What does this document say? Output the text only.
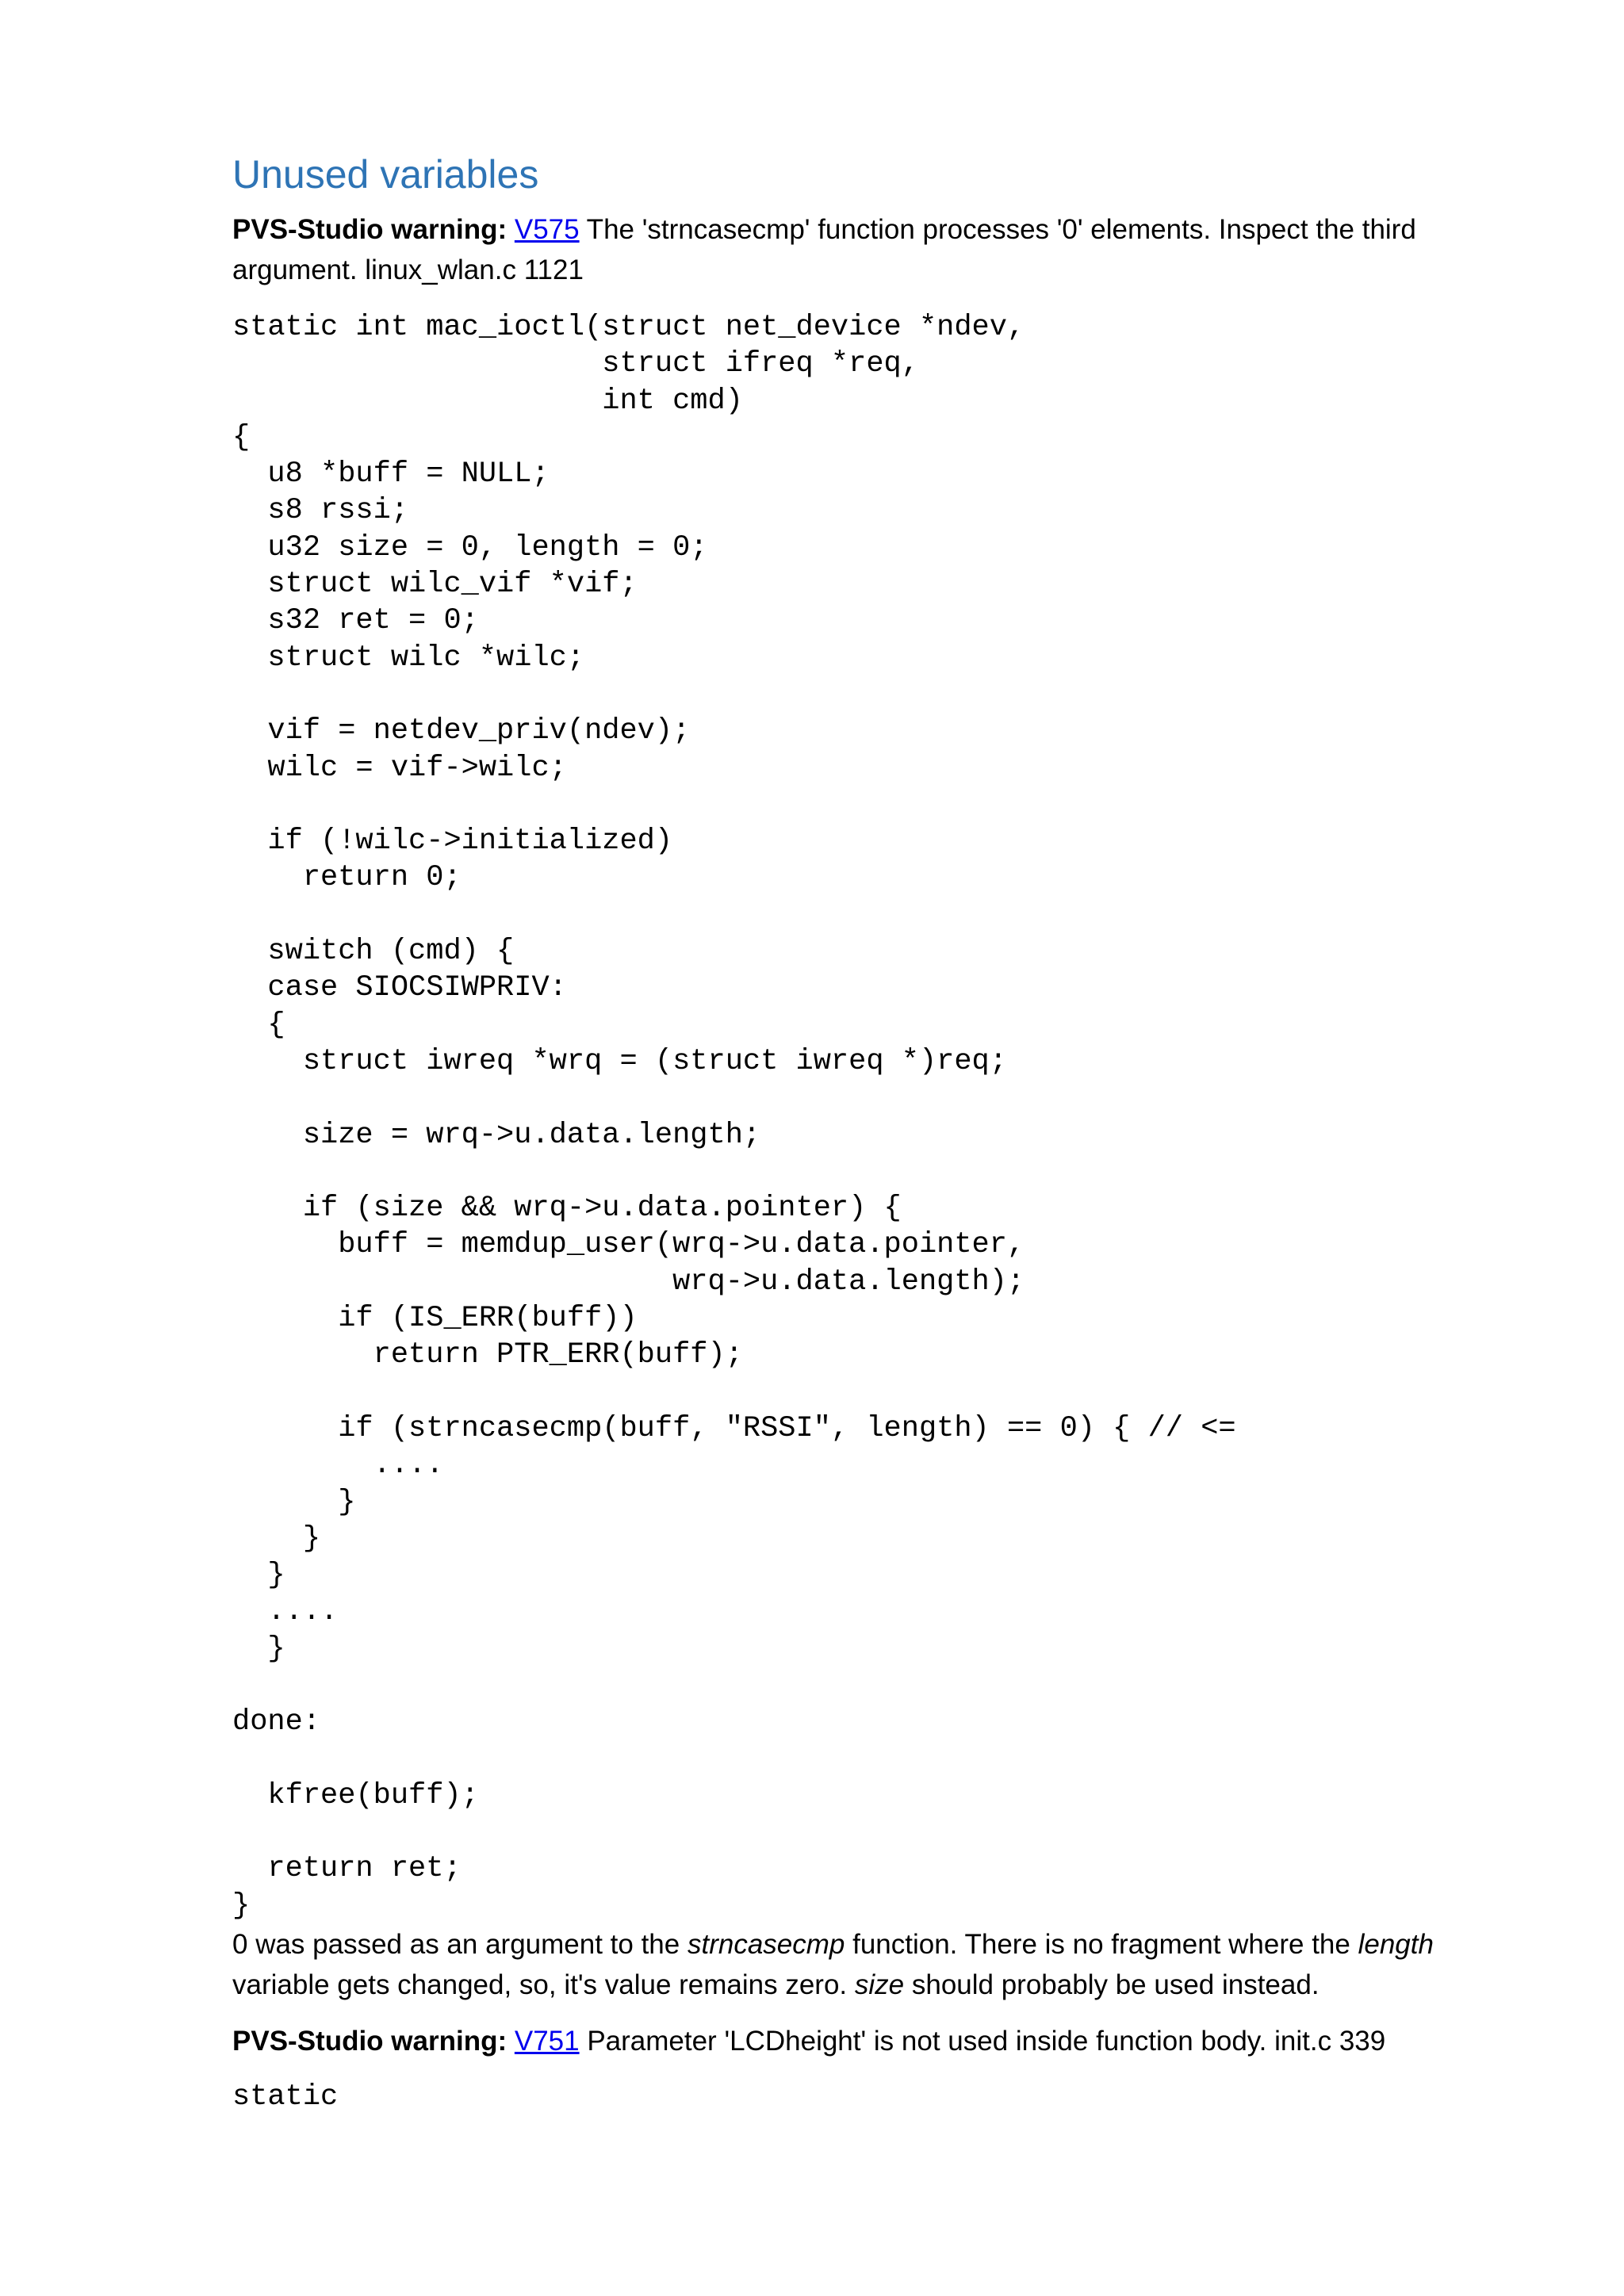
Unused variables

PVS-Studio warning: V575 The 'strncasecmp' function processes '0' elements. Inspect the third argument. linux_wlan.c 1121

static int mac_ioctl(struct net_device *ndev,
struct ifreq *req,
int cmd)
{
u8 *buff = NULL;
s8 rssi;
u32 size = 0, length = 0;
struct wilc_vif *vif;
s32 ret = 0;
struct wilc *wilc;

vif = netdev_priv(ndev);
wilc = vif->wilc;

if (!wilc->initialized)
return 0;

switch (cmd) {
case SIOCSIWPRIV:
{
struct iwreq *wrq = (struct iwreq *)req;

size = wrq->u.data.length;

if (size && wrq->u.data.pointer) {
buff = memdup_user(wrq->u.data.pointer,
wrq->u.data.length);
if (IS_ERR(buff))
return PTR_ERR(buff);

if (strncasecmp(buff, "RSSI", length) == 0) { // <=
....
}
}
}
....
}

done:

kfree(buff);

return ret;
}

0 was passed as an argument to the strncasecmp function. There is no fragment where the length variable gets changed, so, it's value remains zero. size should probably be used instead.

PVS-Studio warning: V751 Parameter 'LCDheight' is not used inside function body. init.c 339

static
